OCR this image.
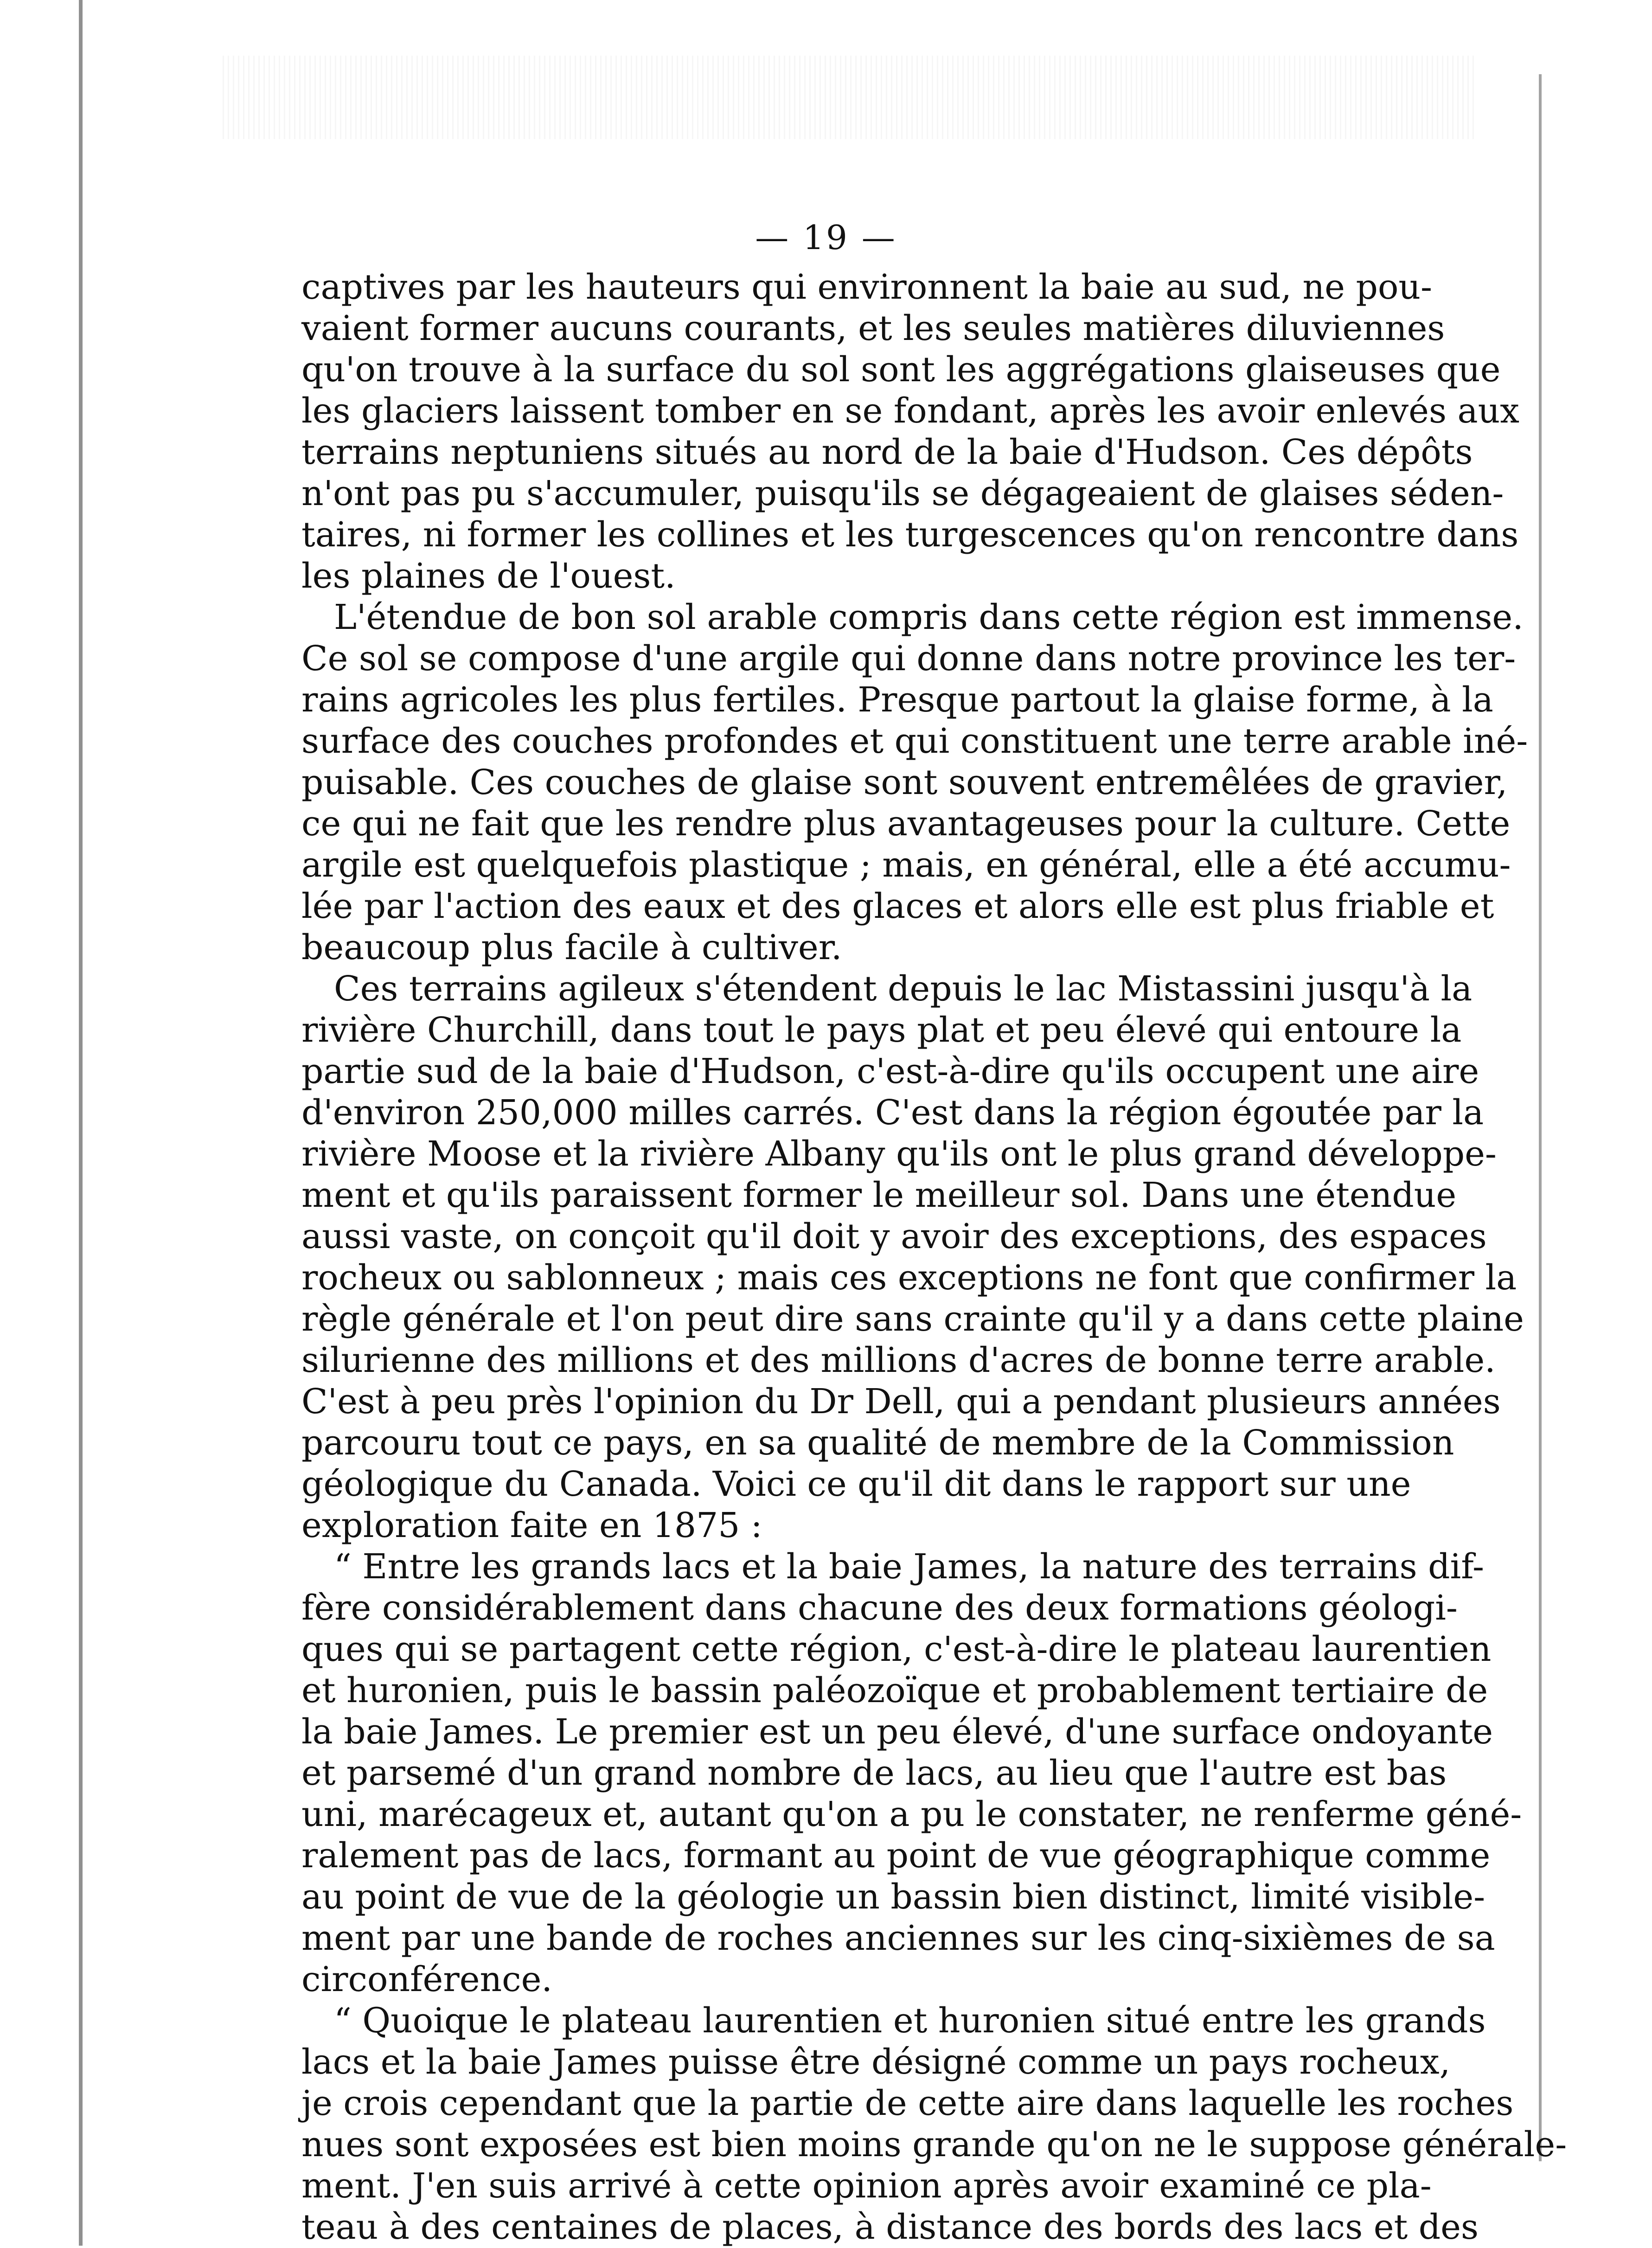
— 19 —
captives par les hauteurs qui environnent la baie au sud, ne pou-
vaient former aucuns courants, et les seules matières diluviennes
qu'on trouve à la surface du sol sont les aggrégations glaiseuses que
les glaciers laissent tomber en se fondant, après les avoir enlevés aux
terrains neptuniens situés au nord de la baie d'Hudson. Ces dépôts
n'ont pas pu s'accumuler, puisqu'ils se dégageaient de glaises séden-
taires, ni former les collines et les turgescences qu'on rencontre dans
les plaines de l'ouest.
L'étendue de bon sol arable compris dans cette région est immense.
Ce sol se compose d'une argile qui donne dans notre province les ter-
rains agricoles les plus fertiles. Presque partout la glaise forme, à la
surface des couches profondes et qui constituent une terre arable iné-
puisable. Ces couches de glaise sont souvent entremêlées de gravier,
ce qui ne fait que les rendre plus avantageuses pour la culture. Cette
argile est quelquefois plastique ; mais, en général, elle a été accumu-
lée par l'action des eaux et des glaces et alors elle est plus friable et
beaucoup plus facile à cultiver.
Ces terrains agileux s'étendent depuis le lac Mistassini jusqu'à la
rivière Churchill, dans tout le pays plat et peu élevé qui entoure la
partie sud de la baie d'Hudson, c'est-à-dire qu'ils occupent une aire
d'environ 250,000 milles carrés. C'est dans la région égoutée par la
rivière Moose et la rivière Albany qu'ils ont le plus grand développe-
ment et qu'ils paraissent former le meilleur sol. Dans une étendue
aussi vaste, on conçoit qu'il doit y avoir des exceptions, des espaces
rocheux ou sablonneux ; mais ces exceptions ne font que confirmer la
règle générale et l'on peut dire sans crainte qu'il y a dans cette plaine
silurienne des millions et des millions d'acres de bonne terre arable.
C'est à peu près l'opinion du Dr Dell, qui a pendant plusieurs années
parcouru tout ce pays, en sa qualité de membre de la Commission
géologique du Canada. Voici ce qu'il dit dans le rapport sur une
exploration faite en 1875 :
“ Entre les grands lacs et la baie James, la nature des terrains dif-
fère considérablement dans chacune des deux formations géologi-
ques qui se partagent cette région, c'est-à-dire le plateau laurentien
et huronien, puis le bassin paléozoïque et probablement tertiaire de
la baie James. Le premier est un peu élevé, d'une surface ondoyante
et parsemé d'un grand nombre de lacs, au lieu que l'autre est bas
uni, marécageux et, autant qu'on a pu le constater, ne renferme géné-
ralement pas de lacs, formant au point de vue géographique comme
au point de vue de la géologie un bassin bien distinct, limité visible-
ment par une bande de roches anciennes sur les cinq-sixièmes de sa
circonférence.
“ Quoique le plateau laurentien et huronien situé entre les grands
lacs et la baie James puisse être désigné comme un pays rocheux,
je crois cependant que la partie de cette aire dans laquelle les roches
nues sont exposées est bien moins grande qu'on ne le suppose générale-
ment. J'en suis arrivé à cette opinion après avoir examiné ce pla-
teau à des centaines de places, à distance des bords des lacs et des
